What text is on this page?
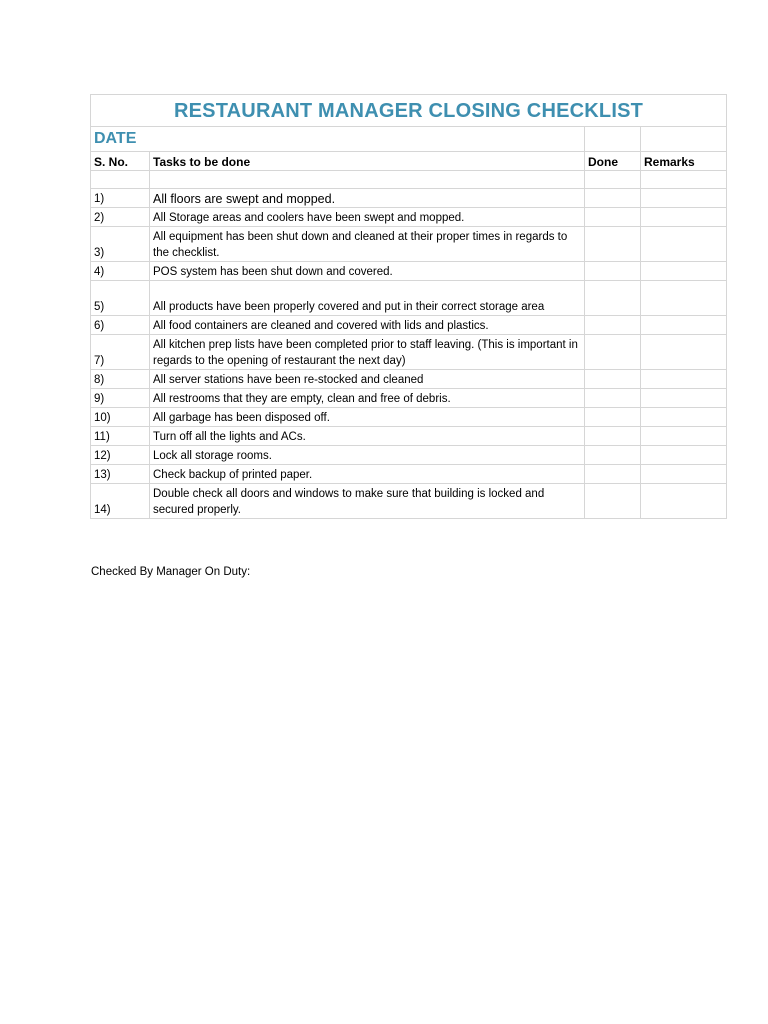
RESTAURANT MANAGER CLOSING CHECKLIST			
DATE			
S. No.	Tasks to be done	Done	Remarks

1)	All floors are swept and mopped.		
2)	All Storage areas and coolers have been swept and mopped.		
3)	All equipment has been shut down and cleaned at their proper times in regards to the checklist.		
4)	POS system has been shut down and covered.		
5)	All products have been properly covered and put in their correct storage area		
6)	All food containers are cleaned and covered with lids and plastics.		
7)	All kitchen prep lists have been completed prior to staff leaving. (This is important in regards to the opening of restaurant the next day)		
8)	All server stations have been re-stocked and cleaned		
9)	All restrooms that they are empty, clean and free of debris.		
10)	All garbage has been disposed off.		
11)	Turn off all the lights and ACs.		
12)	Lock all storage rooms.		
13)	Check backup of printed paper.		
14)	Double check all doors and windows to make sure that building is locked and secured properly.		
Checked By Manager On Duty:
